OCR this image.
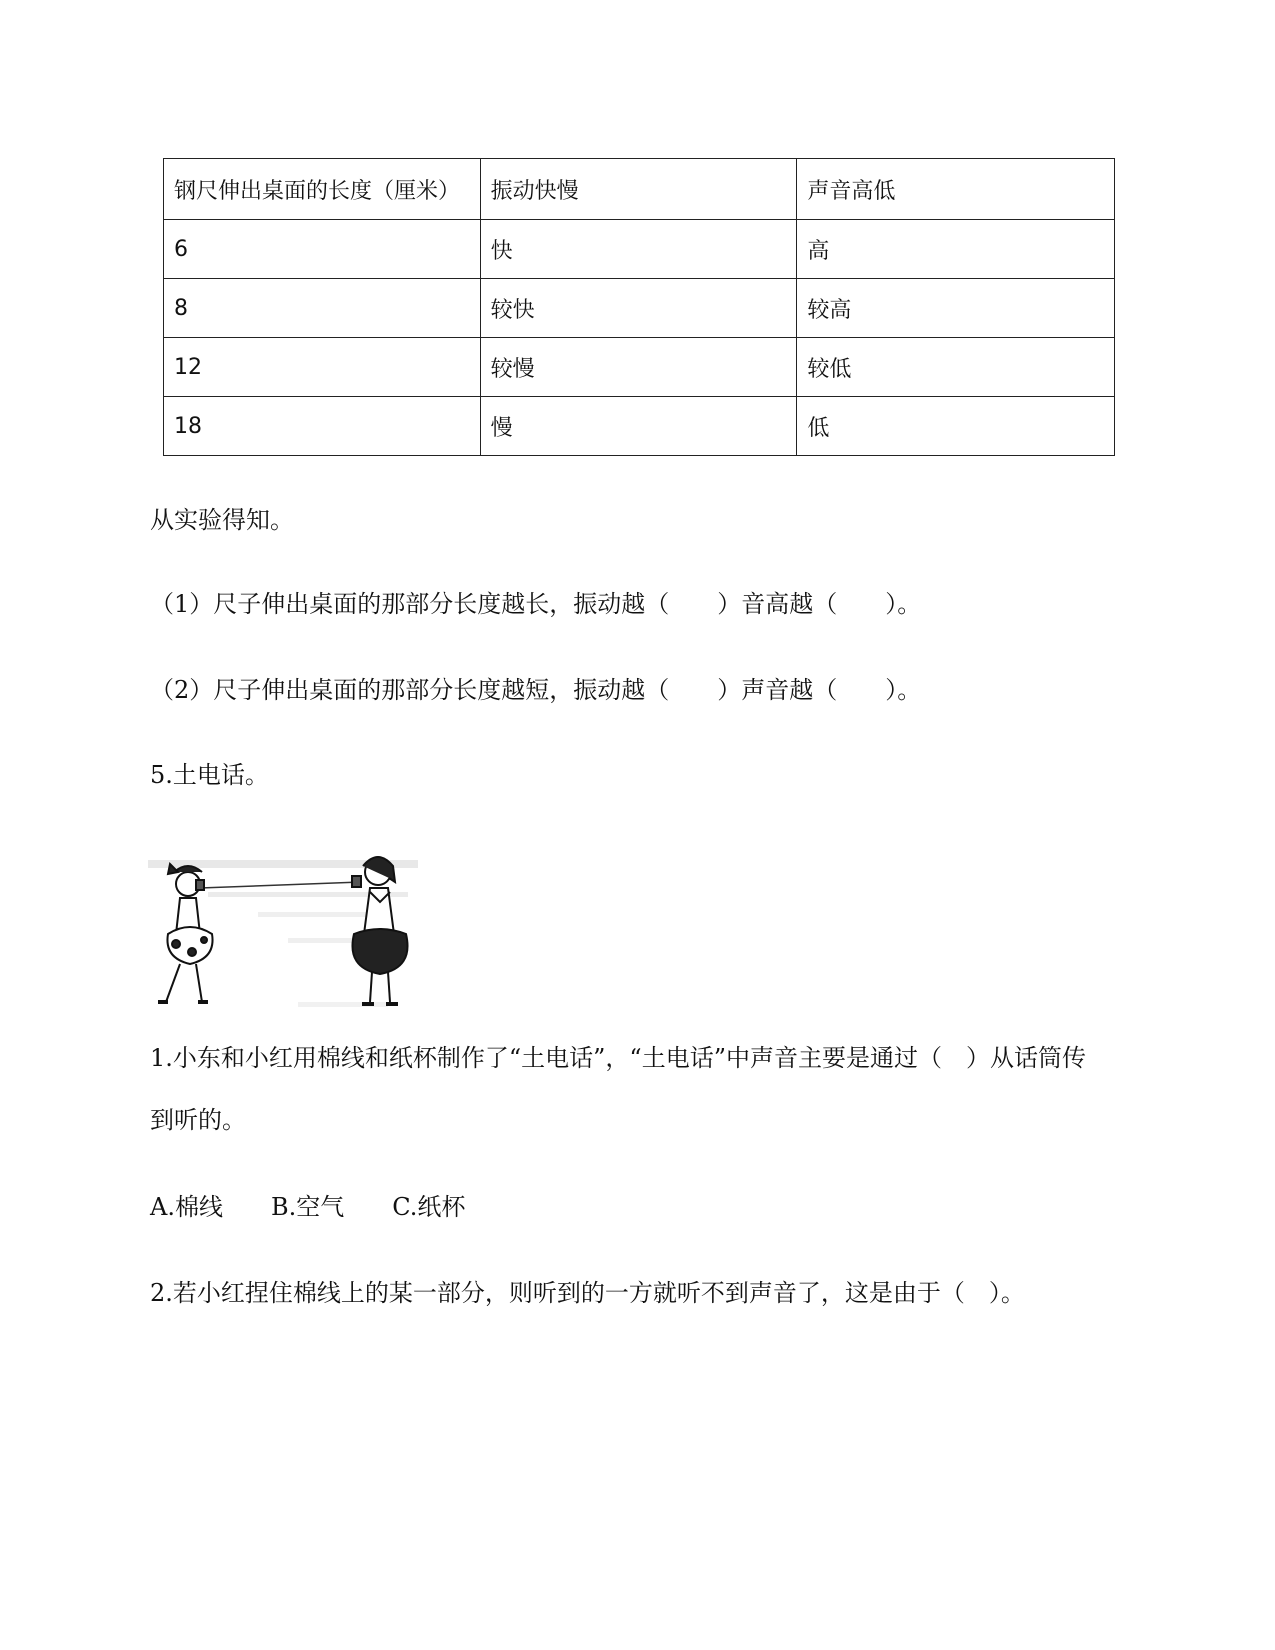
钢尺伸出桌面的长度（厘米）	振动快慢	声音高低
6	快	高
8	较快	较高
12	较慢	较低
18	慢	低
从实验得知。
（1）尺子伸出桌面的那部分长度越长，振动越（　　）音高越（　　）。
（2）尺子伸出桌面的那部分长度越短，振动越（　　）声音越（　　）。
5.土电话。
1.小东和小红用棉线和纸杯制作了“土电话”，“土电话”中声音主要是通过（　）从话筒传
到听的。
A.棉线 B.空气 C.纸杯
2.若小红捏住棉线上的某一部分，则听到的一方就听不到声音了，这是由于（　）。
